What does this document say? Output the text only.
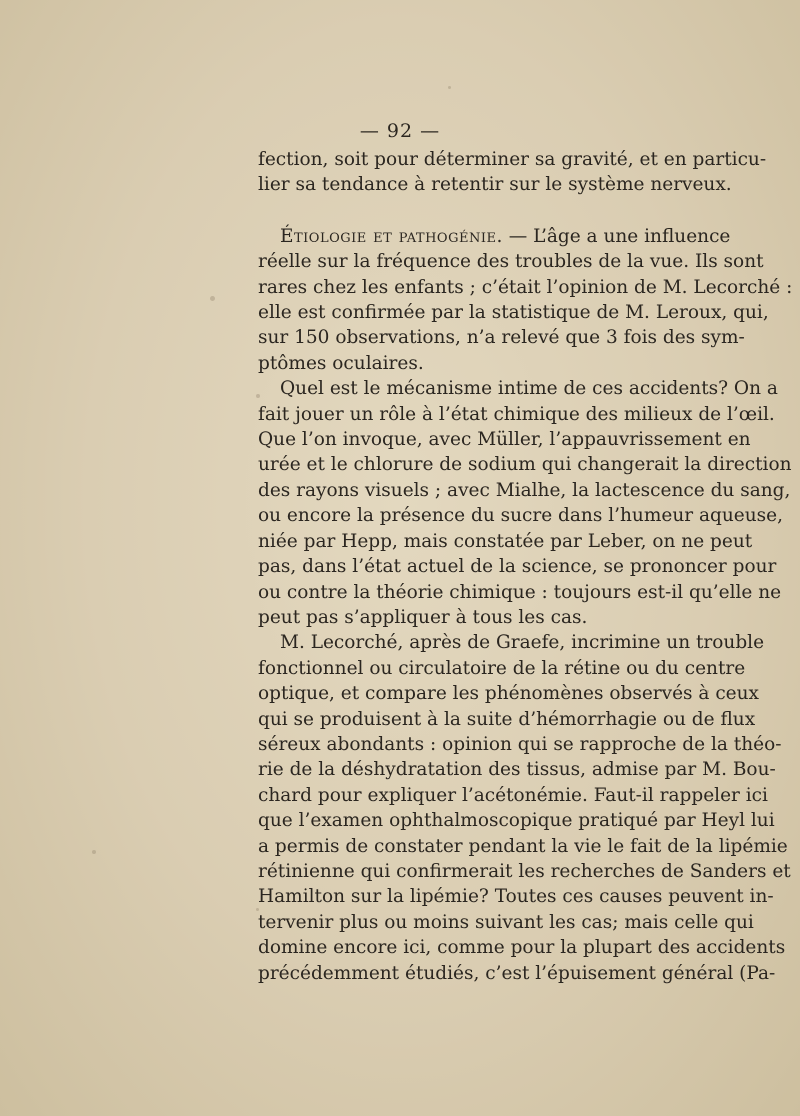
— 92 —
fection, soit pour déterminer sa gravité, et en particu-
lier sa tendance à retentir sur le système nerveux.
Étiologie et pathogénie. — L’âge a une influence
réelle sur la fréquence des troubles de la vue. Ils sont
rares chez les enfants ; c’était l’opinion de M. Lecorché :
elle est confirmée par la statistique de M. Leroux, qui,
sur 150 observations, n’a relevé que 3 fois des sym-
ptômes oculaires.
Quel est le mécanisme intime de ces accidents? On a
fait jouer un rôle à l’état chimique des milieux de l’œil.
Que l’on invoque, avec Müller, l’appauvrissement en
urée et le chlorure de sodium qui changerait la direction
des rayons visuels ; avec Mialhe, la lactescence du sang,
ou encore la présence du sucre dans l’humeur aqueuse,
niée par Hepp, mais constatée par Leber, on ne peut
pas, dans l’état actuel de la science, se prononcer pour
ou contre la théorie chimique : toujours est-il qu’elle ne
peut pas s’appliquer à tous les cas.
M. Lecorché, après de Graefe, incrimine un trouble
fonctionnel ou circulatoire de la rétine ou du centre
optique, et compare les phénomènes observés à ceux
qui se produisent à la suite d’hémorrhagie ou de flux
séreux abondants : opinion qui se rapproche de la théo-
rie de la déshydratation des tissus, admise par M. Bou-
chard pour expliquer l’acétonémie. Faut-il rappeler ici
que l’examen ophthalmoscopique pratiqué par Heyl lui
a permis de constater pendant la vie le fait de la lipémie
rétinienne qui confirmerait les recherches de Sanders et
Hamilton sur la lipémie? Toutes ces causes peuvent in-
tervenir plus ou moins suivant les cas; mais celle qui
domine encore ici, comme pour la plupart des accidents
précédemment étudiés, c’est l’épuisement général (Pa-
